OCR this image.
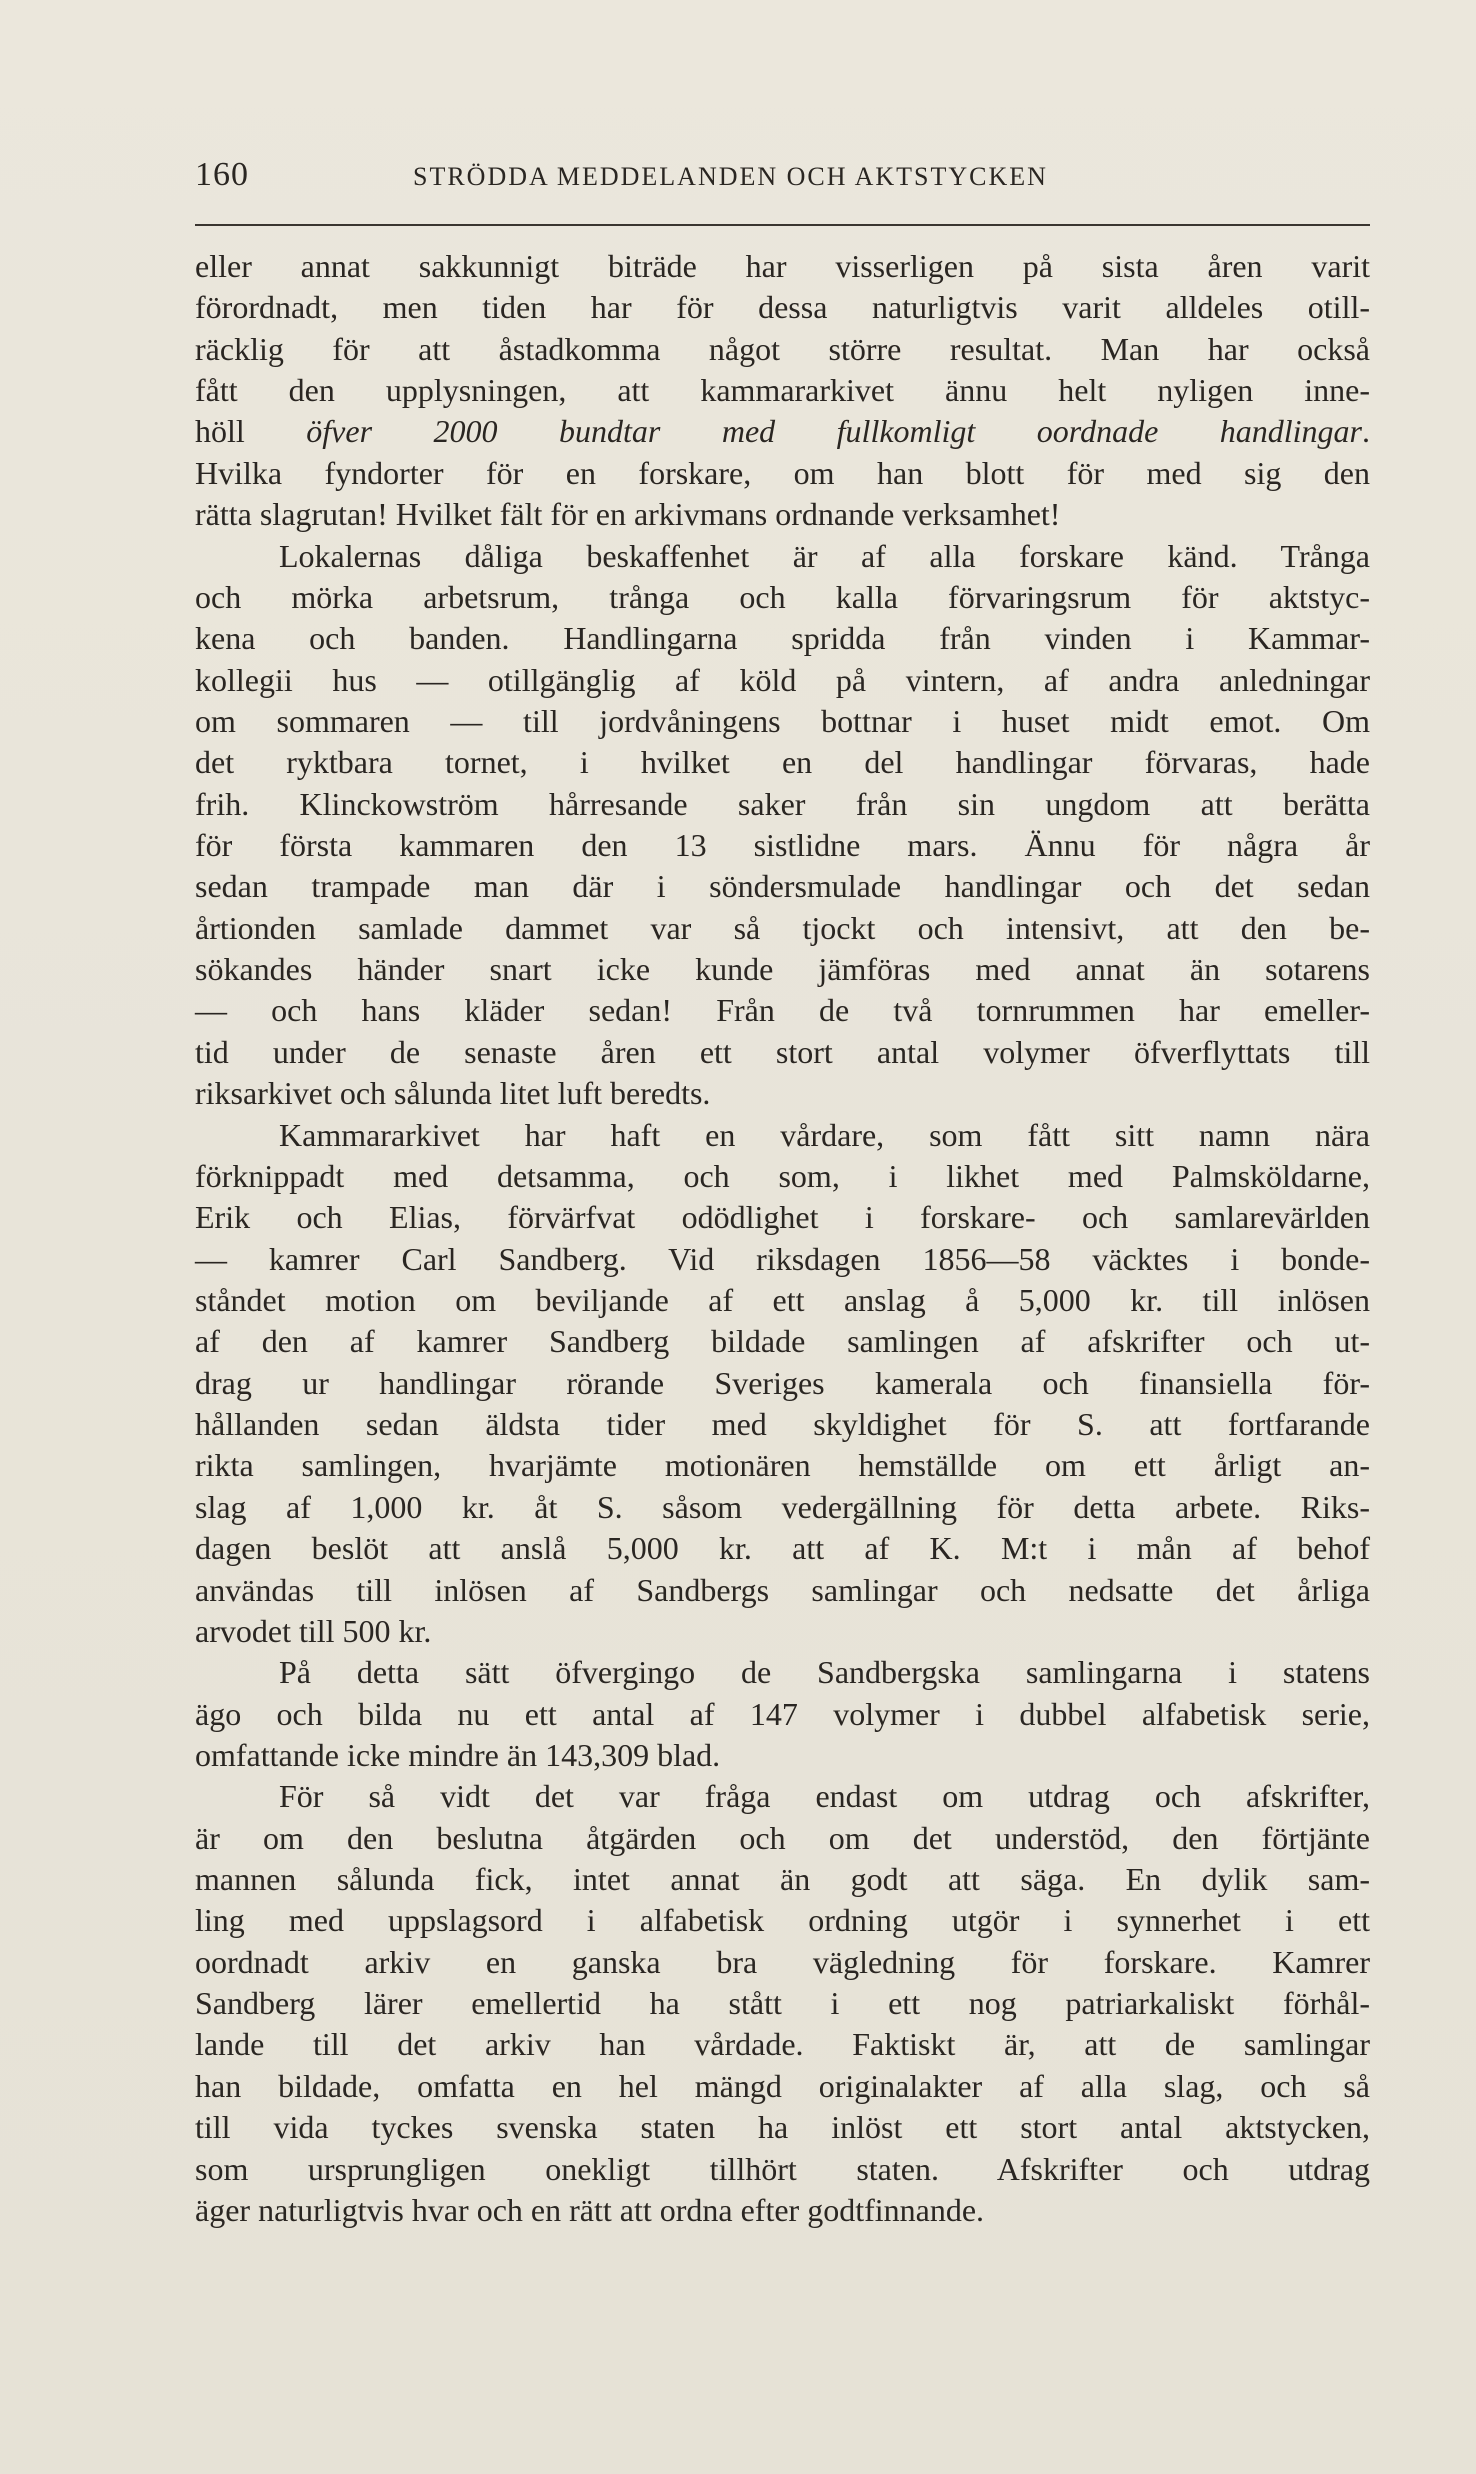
160	STRÖDDA MEDDELANDEN OCH AKTSTYCKEN
eller annat sakkunnigt biträde har visserligen på sista åren varit
förordnadt, men tiden har för dessa naturligtvis varit alldeles otill-
räcklig för att åstadkomma något större resultat. Man har också
fått den upplysningen, att kammararkivet ännu helt nyligen inne-
höll öfver 2000 bundtar med fullkomligt oordnade handlingar.
Hvilka fyndorter för en forskare, om han blott för med sig den
rätta slagrutan! Hvilket fält för en arkivmans ordnande verksamhet!
Lokalernas dåliga beskaffenhet är af alla forskare känd. Trånga
och mörka arbetsrum, trånga och kalla förvaringsrum för aktstyc-
kena och banden. Handlingarna spridda från vinden i Kammar-
kollegii hus — otillgänglig af köld på vintern, af andra anledningar
om sommaren — till jordvåningens bottnar i huset midt emot. Om
det ryktbara tornet, i hvilket en del handlingar förvaras, hade
frih. Klinckowström hårresande saker från sin ungdom att berätta
för första kammaren den 13 sistlidne mars. Ännu för några år
sedan trampade man där i söndersmulade handlingar och det sedan
årtionden samlade dammet var så tjockt och intensivt, att den be-
sökandes händer snart icke kunde jämföras med annat än sotarens
— och hans kläder sedan! Från de två tornrummen har emeller-
tid under de senaste åren ett stort antal volymer öfverflyttats till
riksarkivet och sålunda litet luft beredts.
Kammararkivet har haft en vårdare, som fått sitt namn nära
förknippadt med detsamma, och som, i likhet med Palmsköldarne,
Erik och Elias, förvärfvat odödlighet i forskare- och samlarevärlden
— kamrer Carl Sandberg. Vid riksdagen 1856—58 väcktes i bonde-
ståndet motion om beviljande af ett anslag å 5,000 kr. till inlösen
af den af kamrer Sandberg bildade samlingen af afskrifter och ut-
drag ur handlingar rörande Sveriges kamerala och finansiella för-
hållanden sedan äldsta tider med skyldighet för S. att fortfarande
rikta samlingen, hvarjämte motionären hemställde om ett årligt an-
slag af 1,000 kr. åt S. såsom vedergällning för detta arbete. Riks-
dagen beslöt att anslå 5,000 kr. att af K. M:t i mån af behof
användas till inlösen af Sandbergs samlingar och nedsatte det årliga
arvodet till 500 kr.
På detta sätt öfvergingo de Sandbergska samlingarna i statens
ägo och bilda nu ett antal af 147 volymer i dubbel alfabetisk serie,
omfattande icke mindre än 143,309 blad.
För så vidt det var fråga endast om utdrag och afskrifter,
är om den beslutna åtgärden och om det understöd, den förtjänte
mannen sålunda fick, intet annat än godt att säga. En dylik sam-
ling med uppslagsord i alfabetisk ordning utgör i synnerhet i ett
oordnadt arkiv en ganska bra vägledning för forskare. Kamrer
Sandberg lärer emellertid ha stått i ett nog patriarkaliskt förhål-
lande till det arkiv han vårdade. Faktiskt är, att de samlingar
han bildade, omfatta en hel mängd originalakter af alla slag, och så
till vida tyckes svenska staten ha inlöst ett stort antal aktstycken,
som ursprungligen onekligt tillhört staten. Afskrifter och utdrag
äger naturligtvis hvar och en rätt att ordna efter godtfinnande.
